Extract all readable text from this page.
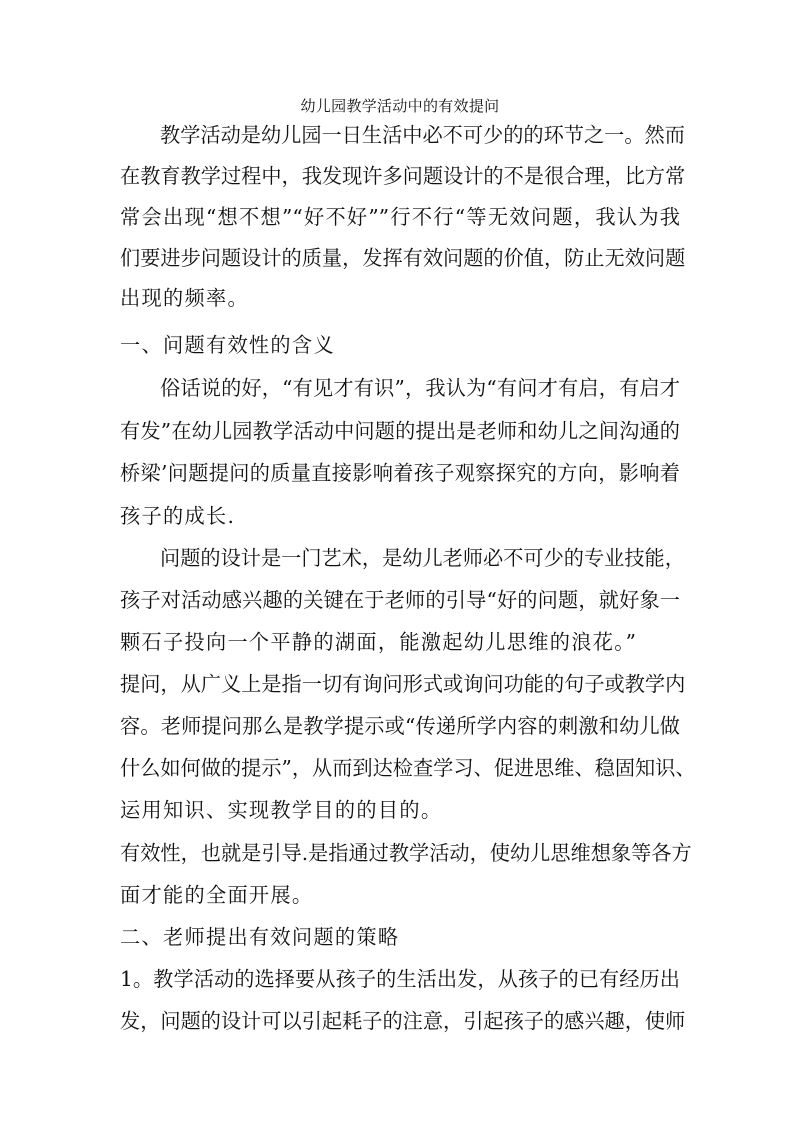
幼儿园教学活动中的有效提问
教学活动是幼儿园一日生活中必不可少的的环节之一。然而
在教育教学过程中，我发现许多问题设计的不是很合理，比方常
常会出现“想不想”“好不好””行不行“等无效问题，我认为我
们要进步问题设计的质量，发挥有效问题的价值，防止无效问题
出现的频率。
一、问题有效性的含义
俗话说的好，“有见才有识”，我认为“有问才有启，有启才
有发”在幼儿园教学活动中问题的提出是老师和幼儿之间沟通的
桥梁’问题提问的质量直接影响着孩子观察探究的方向，影响着
孩子的成长.
问题的设计是一门艺术，是幼儿老师必不可少的专业技能，
孩子对活动感兴趣的关键在于老师的引导“好的问题，就好象一
颗石子投向一个平静的湖面，能激起幼儿思维的浪花。”
提问，从广义上是指一切有询问形式或询问功能的句子或教学内
容。老师提问那么是教学提示或“传递所学内容的刺激和幼儿做
什么如何做的提示”，从而到达检查学习、促进思维、稳固知识、
运用知识、实现教学目的的目的。
有效性，也就是引导.是指通过教学活动，使幼儿思维想象等各方
面才能的全面开展。
二、老师提出有效问题的策略
1。教学活动的选择要从孩子的生活出发，从孩子的已有经历出
发，问题的设计可以引起耗子的注意，引起孩子的感兴趣，使师
